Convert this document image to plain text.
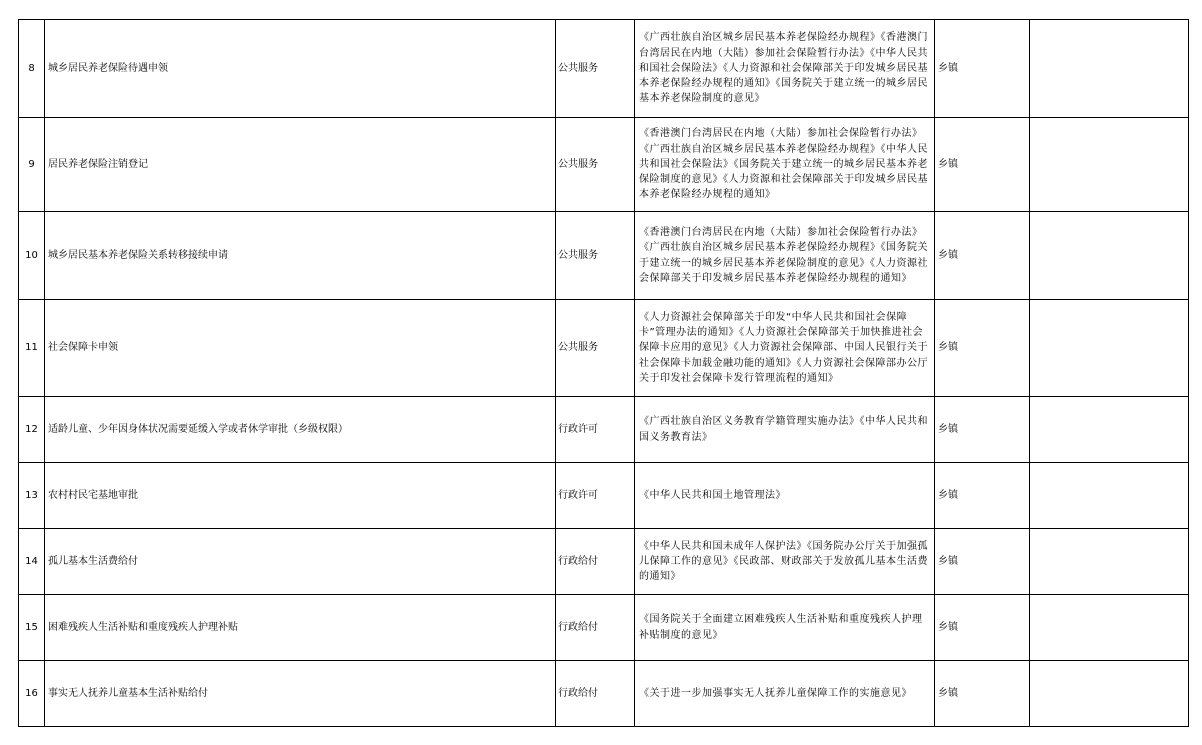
8	城乡居民养老保险待遇申领	公共服务	《广西壮族自治区城乡居民基本养老保险经办规程》《香港澳门台湾居民在内地（大陆）参加社会保险暂行办法》《中华人民共和国社会保险法》《人力资源和社会保障部关于印发城乡居民基本养老保险经办规程的通知》《国务院关于建立统一的城乡居民基本养老保险制度的意见》	乡镇	
9	居民养老保险注销登记	公共服务	《香港澳门台湾居民在内地（大陆）参加社会保险暂行办法》《广西壮族自治区城乡居民基本养老保险经办规程》《中华人民共和国社会保险法》《国务院关于建立统一的城乡居民基本养老保险制度的意见》《人力资源和社会保障部关于印发城乡居民基本养老保险经办规程的通知》	乡镇	
10	城乡居民基本养老保险关系转移接续申请	公共服务	《香港澳门台湾居民在内地（大陆）参加社会保险暂行办法》《广西壮族自治区城乡居民基本养老保险经办规程》《国务院关于建立统一的城乡居民基本养老保险制度的意见》《人力资源社会保障部关于印发城乡居民基本养老保险经办规程的通知》	乡镇	
11	社会保障卡申领	公共服务	《人力资源社会保障部关于印发“中华人民共和国社会保障卡”管理办法的通知》《人力资源社会保障部关于加快推进社会保障卡应用的意见》《人力资源社会保障部、中国人民银行关于社会保障卡加载金融功能的通知》《人力资源社会保障部办公厅关于印发社会保障卡发行管理流程的通知》	乡镇	
12	适龄儿童、少年因身体状况需要延缓入学或者休学审批（乡级权限）	行政许可	《广西壮族自治区义务教育学籍管理实施办法》《中华人民共和国义务教育法》	乡镇	
13	农村村民宅基地审批	行政许可	《中华人民共和国土地管理法》	乡镇	
14	孤儿基本生活费给付	行政给付	《中华人民共和国未成年人保护法》《国务院办公厅关于加强孤儿保障工作的意见》《民政部、财政部关于发放孤儿基本生活费的通知》	乡镇	
15	困难残疾人生活补贴和重度残疾人护理补贴	行政给付	《国务院关于全面建立困难残疾人生活补贴和重度残疾人护理补贴制度的意见》	乡镇	
16	事实无人抚养儿童基本生活补贴给付	行政给付	《关于进一步加强事实无人抚养儿童保障工作的实施意见》	乡镇	
